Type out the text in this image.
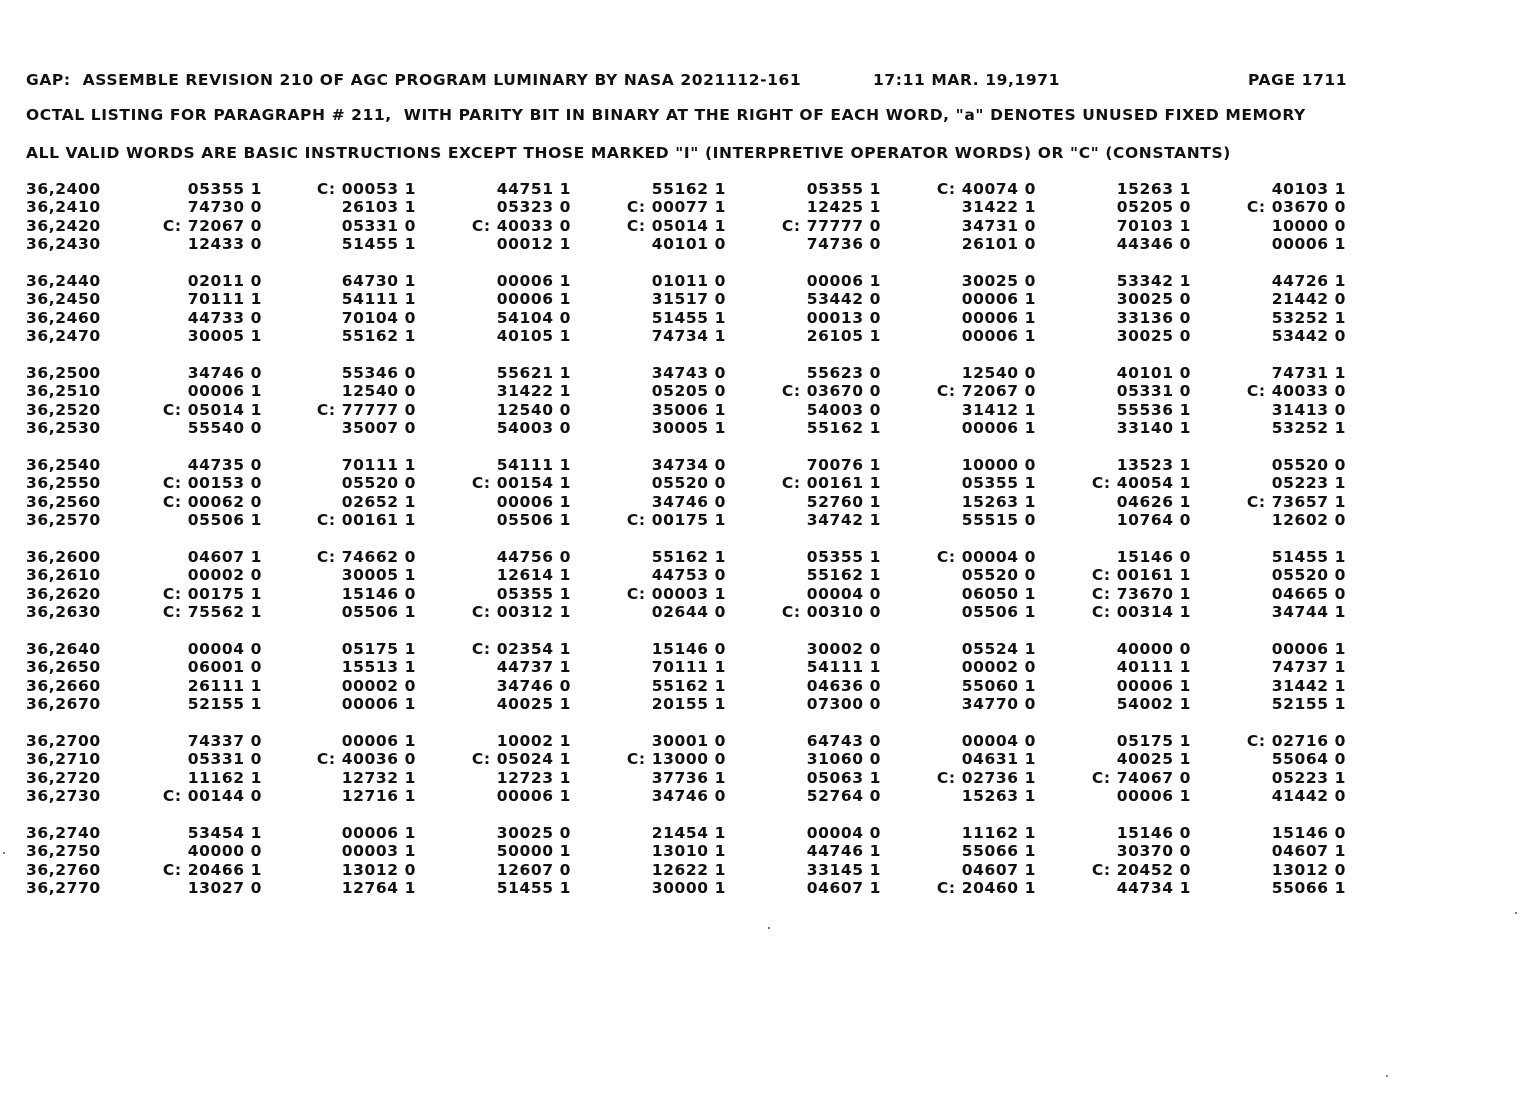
GAP:  ASSEMBLE REVISION 210 OF AGC PROGRAM LUMINARY BY NASA 2021112-161

	17:11 MAR. 19,1971

	PAGE 1711

OCTAL LISTING FOR PARAGRAPH # 211,  WITH PARITY BIT IN BINARY AT THE RIGHT OF EACH WORD, "a" DENOTES UNUSED FIXED MEMORY
ALL VALID WORDS ARE BASIC INSTRUCTIONS EXCEPT THOSE MARKED "I" (INTERPRETIVE OPERATOR WORDS) OR "C" (CONSTANTS)
36,2400	05355 1	C: 00053 1	44751 1	55162 1	05355 1	C: 40074 0	15263 1	40103 1
36,2410	74730 0	26103 1	05323 0	C: 00077 1	12425 1	31422 1	05205 0	C: 03670 0
36,2420	C: 72067 0	05331 0	C: 40033 0	C: 05014 1	C: 77777 0	34731 0	70103 1	10000 0
36,2430	12433 0	51455 1	00012 1	40101 0	74736 0	26101 0	44346 0	00006 1
36,2440	02011 0	64730 1	00006 1	01011 0	00006 1	30025 0	53342 1	44726 1
36,2450	70111 1	54111 1	00006 1	31517 0	53442 0	00006 1	30025 0	21442 0
36,2460	44733 0	70104 0	54104 0	51455 1	00013 0	00006 1	33136 0	53252 1
36,2470	30005 1	55162 1	40105 1	74734 1	26105 1	00006 1	30025 0	53442 0
36,2500	34746 0	55346 0	55621 1	34743 0	55623 0	12540 0	40101 0	74731 1
36,2510	00006 1	12540 0	31422 1	05205 0	C: 03670 0	C: 72067 0	05331 0	C: 40033 0
36,2520	C: 05014 1	C: 77777 0	12540 0	35006 1	54003 0	31412 1	55536 1	31413 0
36,2530	55540 0	35007 0	54003 0	30005 1	55162 1	00006 1	33140 1	53252 1
36,2540	44735 0	70111 1	54111 1	34734 0	70076 1	10000 0	13523 1	05520 0
36,2550	C: 00153 0	05520 0	C: 00154 1	05520 0	C: 00161 1	05355 1	C: 40054 1	05223 1
36,2560	C: 00062 0	02652 1	00006 1	34746 0	52760 1	15263 1	04626 1	C: 73657 1
36,2570	05506 1	C: 00161 1	05506 1	C: 00175 1	34742 1	55515 0	10764 0	12602 0
36,2600	04607 1	C: 74662 0	44756 0	55162 1	05355 1	C: 00004 0	15146 0	51455 1
36,2610	00002 0	30005 1	12614 1	44753 0	55162 1	05520 0	C: 00161 1	05520 0
36,2620	C: 00175 1	15146 0	05355 1	C: 00003 1	00004 0	06050 1	C: 73670 1	04665 0
36,2630	C: 75562 1	05506 1	C: 00312 1	02644 0	C: 00310 0	05506 1	C: 00314 1	34744 1
36,2640	00004 0	05175 1	C: 02354 1	15146 0	30002 0	05524 1	40000 0	00006 1
36,2650	06001 0	15513 1	44737 1	70111 1	54111 1	00002 0	40111 1	74737 1
36,2660	26111 1	00002 0	34746 0	55162 1	04636 0	55060 1	00006 1	31442 1
36,2670	52155 1	00006 1	40025 1	20155 1	07300 0	34770 0	54002 1	52155 1
36,2700	74337 0	00006 1	10002 1	30001 0	64743 0	00004 0	05175 1	C: 02716 0
36,2710	05331 0	C: 40036 0	C: 05024 1	C: 13000 0	31060 0	04631 1	40025 1	55064 0
36,2720	11162 1	12732 1	12723 1	37736 1	05063 1	C: 02736 1	C: 74067 0	05223 1
36,2730	C: 00144 0	12716 1	00006 1	34746 0	52764 0	15263 1	00006 1	41442 0
36,2740	53454 1	00006 1	30025 0	21454 1	00004 0	11162 1	15146 0	15146 0
36,2750	40000 0	00003 1	50000 1	13010 1	44746 1	55066 1	30370 0	04607 1
36,2760	C: 20466 1	13012 0	12607 0	12622 1	33145 1	04607 1	C: 20452 0	13012 0
36,2770	13027 0	12764 1	51455 1	30000 1	04607 1	C: 20460 1	44734 1	55066 1
